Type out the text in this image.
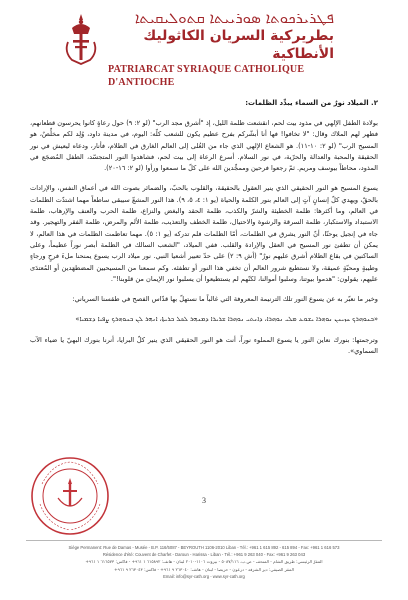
ܦܛܪܝܪܟܘܬܐ ܣܘܪܝܝܬܐ ܩܬܘܠܝܩܝܬܐ
بطريركية السريان الكاثوليك الأنطاكية
PATRIARCAT SYRIAQUE CATHOLIQUE D'ANTIOCHE
٢. الميلاد نورٌ من السماء يبدِّد الظلمات:

بولادة الطفل الإلهي في مذود بيت لحم، انقشعت ظلمة الليل، إذ "أشرق مجد الرب" (لو ٢: ٩) حول رعاةٍ كانوا يحرسون قطعانهم، فظهر لهم الملاك وقال: "لا تخافوا! فها أنا أبشّركم بفرح عظيم يكون للشعب كلّه: اليوم، في مدينة داود، وُلِد لكم مخلِّصٌ، هو المسيح الرب" (لو ٢: ١٠-١١). هو الشعاع الإلهي الذي جاء من العُلى إلى العالم الغارق في الظلام، فأنار، ودعاه ليعيش في نور الحقيقة والمحبة والعدالة والحرّية، في نور السلام. أسرع الرعاة إلى بيت لحم، فشاهدوا النور المتجسّد، الطفل المُضجَع في المذود، محاطاً بيوسف ومريم. ثمّ رجعوا فرحين وممجِّدين الله على كلّ ما سمعوا ورأوا (لو ٢: ١٦-٢٠).

يسوع المسيح هو النور الحقيقي الذي ينير العقول بالحقيقة، والقلوب بالحبّ، والضمائر بصوت الله في أعماق النفس، والإرادات بالحقّ، ويهدي كلّ إنسانٍ آتٍ إلى العالم بنور الكلمة والحياة (يو ١: ٤، ٥، ٩). هذا النور المشعّ سيبقى ساطعاً مهما اشتدّت الظلمات في العالم، وما أكثرها: ظلمة الخطيئة والشرّ والكذب، ظلمة الحقد والبغض والنزاع، ظلمة الحرب والعنف والإرهاب، ظلمة الاستبداد والاستكبار، ظلمة السرقة والرشوة والاحتيال، ظلمة الخطف والتعذيب، ظلمة الألم والمرض، ظلمة الفقر والتهجير. وقد جاء في إنجيل يوحنّا، أنّ النور يشرق في الظلمات، أمّا الظلمات فلم تدركه (يو ١: ٥). مهما تعاظمت الظلمات في هذا العالم، لا يمكن أن تطفئ نور المسيح في العقل والإرادة والقلب. ففي الميلاد، "الشعب السالك في الظلمة أبصر نوراً عظيماً، وعلى الساكنين في بقاع الظلام أشرق عليهم نورٌ" (أش ٩: ٢) على حدّ تعبير أشعيا النبي. نور ميلاد الرب يسوع يمنحنا ملءَ فرحٍ ورجاءٍ وطيبةٍ ومحبّةٍ عميقة، ولا نستطيع شرور العالم أن تخفي هذا النور أو تطفئه. وكم سمعنا من المسيحيين المضطهَدين أو المُعتدَى عليهم، يقولون: "هدموا بيوتنا، وسلبوا أموالنا، لكنّهم لم يستطيعوا أن يسلبوا نور الإيمان من قلوبنا!".

وخير ما نعبّر به عن يسوع النور تلك الترنيمة المعروفة التي غالباً ما نستهلّ بها قدّاس الفصح في طقسنا السرياني:

«ܒܢܘܗܪܟ ܚܙܝܢܢ ܢܘܗܪܐ ܝܫܘܥ ܡܠܝ ܢܘܗܪܐ، ܕܐܢܬܝ ܢܘܗܪܐ ܫܪܝܪܐ ܕܡܢܗܪ ܠܟܠ ܒܪܝܬܐ، ܐܢܗܪ ܠܢ ܒܢܘܗܪܟ ܨܦܝܐ ܕܫܡܝܐ»

وترجمتها: بنورك نعاين النور يا يسوع المملوء نوراً، أنت هو النور الحقيقي الذي ينير كلّ البرايا، أنرنا بنورك البهيّ يا ضياء الآب السماوي».

3
Siège Permanent: Rue de Damas - Musée - B.P. 116/5087 - BEYROUTH 1106-2010 Liban - Tél.: +961 1 615 892 - 615 894 - Fax: +961 1 616 573
Résidence d'été: Couvent de Charfet - Daroun - Harissa - Liban - Tél.: +961 9 263 040 - Fax: +961 9 263 043
المقرّ الرئيسي: طريق الشام - المتحف - ص.ب. ٥٠٨٧/١١٦ - بيروت ١١٠٦-٢٠١٠ لبنان - هاتف: ٦١٥٨٩٢ ١ ٩٦١+ - فاكس: ٦١٦٥٧٣ ١ ٩٦١+
المقر الصيفي: دير الشرفة - درعون - حريصا - لبنان - هاتف: ٢٦٣٠٤٠ ٩ ٩٦١+ - فاكس: ٢٦٣٠٤٣ ٩ ٩٦١+
Email: info@syr-cath.org - www.syr-cath.org
